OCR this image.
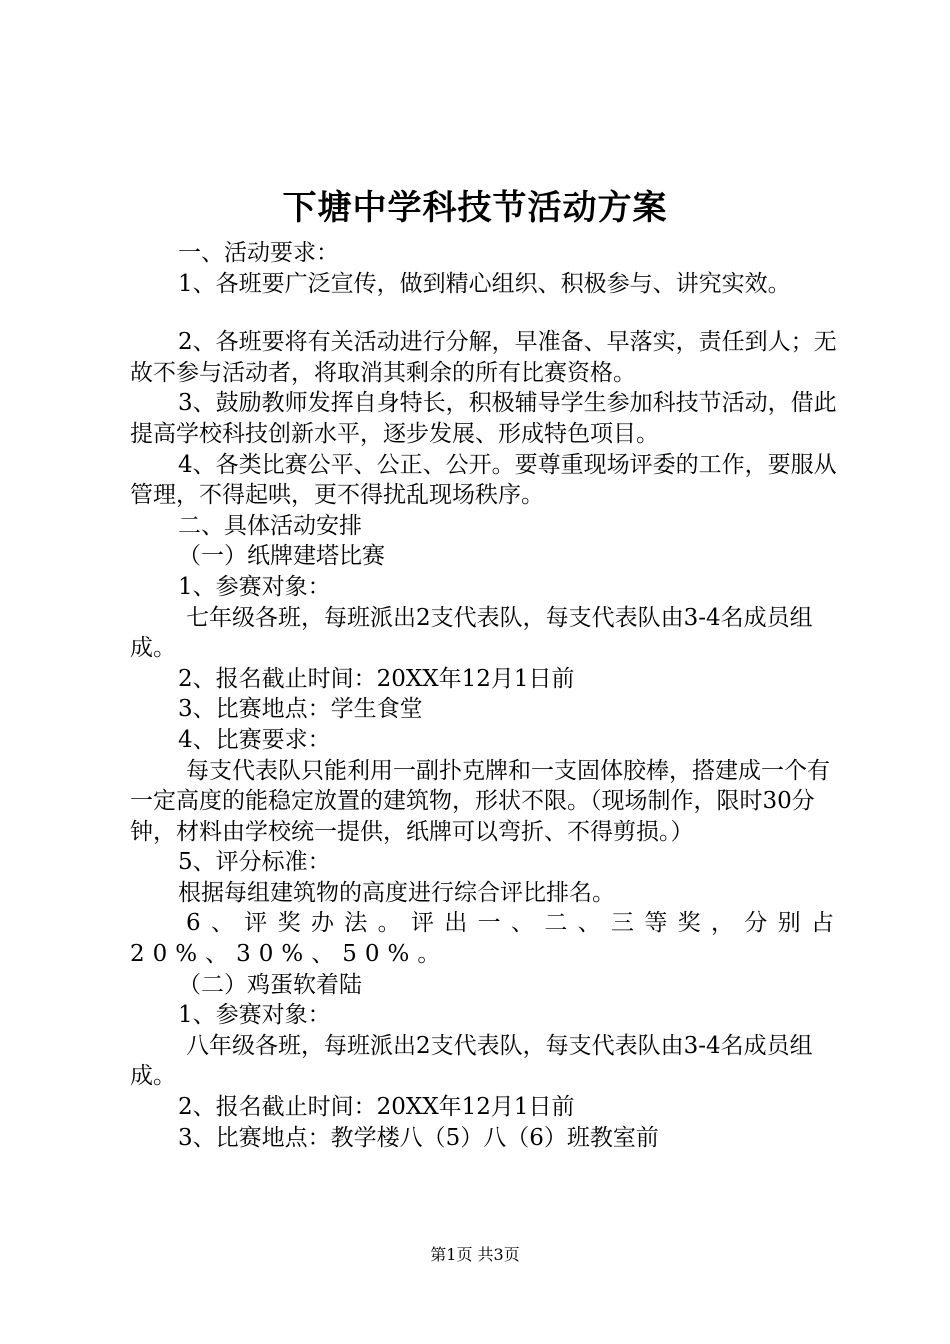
下塘中学科技节活动方案

一、活动要求：

1、各班要广泛宣传，做到精心组织、积极参与、讲究实效。

2、各班要将有关活动进行分解，早准备、早落实，责任到人；无故不参与活动者，将取消其剩余的所有比赛资格。

3、鼓励教师发挥自身特长，积极辅导学生参加科技节活动，借此提高学校科技创新水平，逐步发展、形成特色项目。

4、各类比赛公平、公正、公开。要尊重现场评委的工作，要服从管理，不得起哄，更不得扰乱现场秩序。

二、具体活动安排

（一）纸牌建塔比赛

1、参赛对象：

七年级各班，每班派出2支代表队，每支代表队由3-4名成员组成。

2、报名截止时间：20XX年12月1日前

3、比赛地点：学生食堂

4、比赛要求：

每支代表队只能利用一副扑克牌和一支固体胶棒，搭建成一个有一定高度的能稳定放置的建筑物，形状不限。（现场制作，限时30分钟，材料由学校统一提供，纸牌可以弯折、不得剪损。）

5、评分标准：

根据每组建筑物的高度进行综合评比排名。

6、评奖办法。评出一、二、三等奖，分别占20%、30%、50%。

（二）鸡蛋软着陆

1、参赛对象：

八年级各班，每班派出2支代表队，每支代表队由3-4名成员组成。

2、报名截止时间：20XX年12月1日前

3、比赛地点：教学楼八（5）八（6）班教室前

第1页 共3页
